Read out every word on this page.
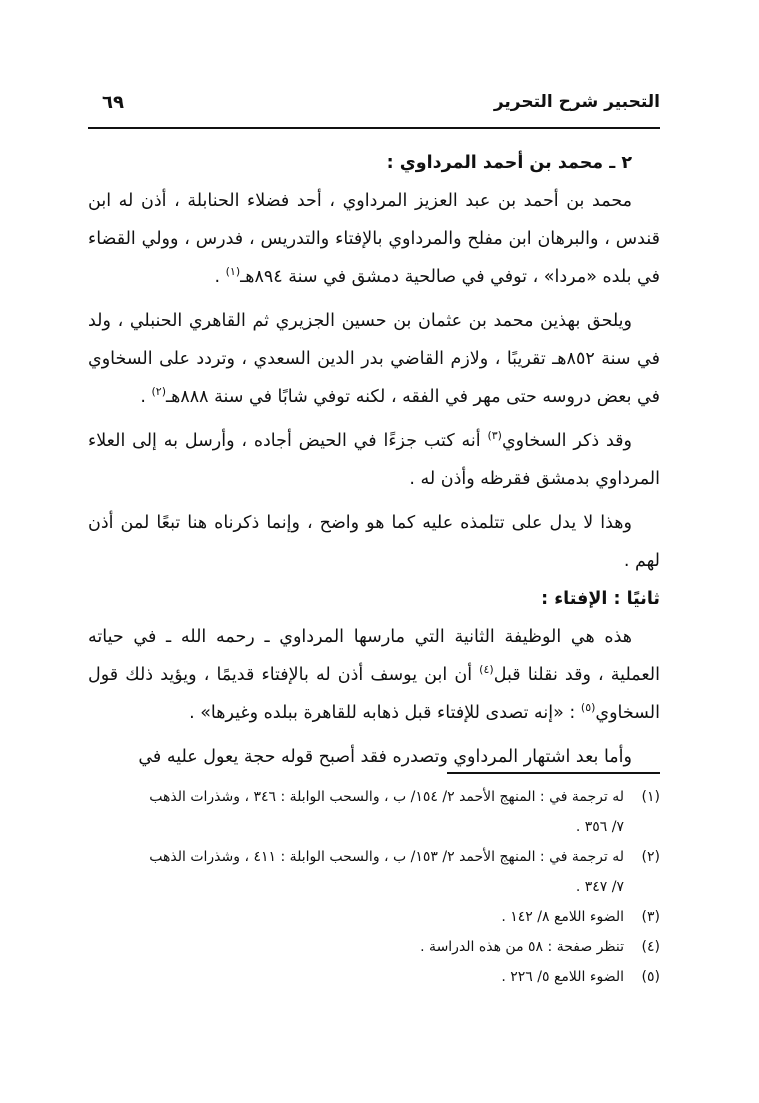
التحبير شرح التحرير
٦٩

٢ ـ محمد بن أحمد المرداوي :

محمد بن أحمد بن عبد العزيز المرداوي ، أحد فضلاء الحنابلة ، أذن له ابن قندس ، والبرهان ابن مفلح والمرداوي بالإفتاء والتدريس ، فدرس ، وولي القضاء في بلده «مردا» ، توفي في صالحية دمشق في سنة ٨٩٤هـ$^{(١)}$ .

ويلحق بهذين محمد بن عثمان بن حسين الجزيري ثم القاهري الحنبلي ، ولد في سنة ٨٥٢هـ تقريبًا ، ولازم القاضي بدر الدين السعدي ، وتردد على السخاوي في بعض دروسه حتى مهر في الفقه ، لكنه توفي شابًا في سنة ٨٨٨هـ$^{(٢)}$ .

وقد ذكر السخاوي$^{(٣)}$ أنه كتب جزءًا في الحيض أجاده ، وأرسل به إلى العلاء المرداوي بدمشق فقرظه وأذن له .

وهذا لا يدل على تتلمذه عليه كما هو واضح ، وإنما ذكرناه هنا تبعًا لمن أذن لهم .

ثانيًا : الإفتاء :

هذه هي الوظيفة الثانية التي مارسها المرداوي ـ رحمه الله ـ في حياته العملية ، وقد نقلنا قبل$^{(٤)}$ أن ابن يوسف أذن له بالإفتاء قديمًا ، ويؤيد ذلك قول السخاوي$^{(٥)}$ : «إنه تصدى للإفتاء قبل ذهابه للقاهرة ببلده وغيرها» .

وأما بعد اشتهار المرداوي وتصدره فقد أصبح قوله حجة يعول عليه في

(١)
له ترجمة في : المنهج الأحمد ٢/ ١٥٤/ ب ، والسحب الوابلة : ٣٤٦ ، وشذرات الذهب
٧/ ٣٥٦ .
(٢)
له ترجمة في : المنهج الأحمد ٢/ ١٥٣/ ب ، والسحب الوابلة : ٤١١ ، وشذرات الذهب
٧/ ٣٤٧ .
(٣)
الضوء اللامع ٨/ ١٤٢ .
(٤)
تنظر صفحة : ٥٨ من هذه الدراسة .
(٥)
الضوء اللامع ٥/ ٢٢٦ .
